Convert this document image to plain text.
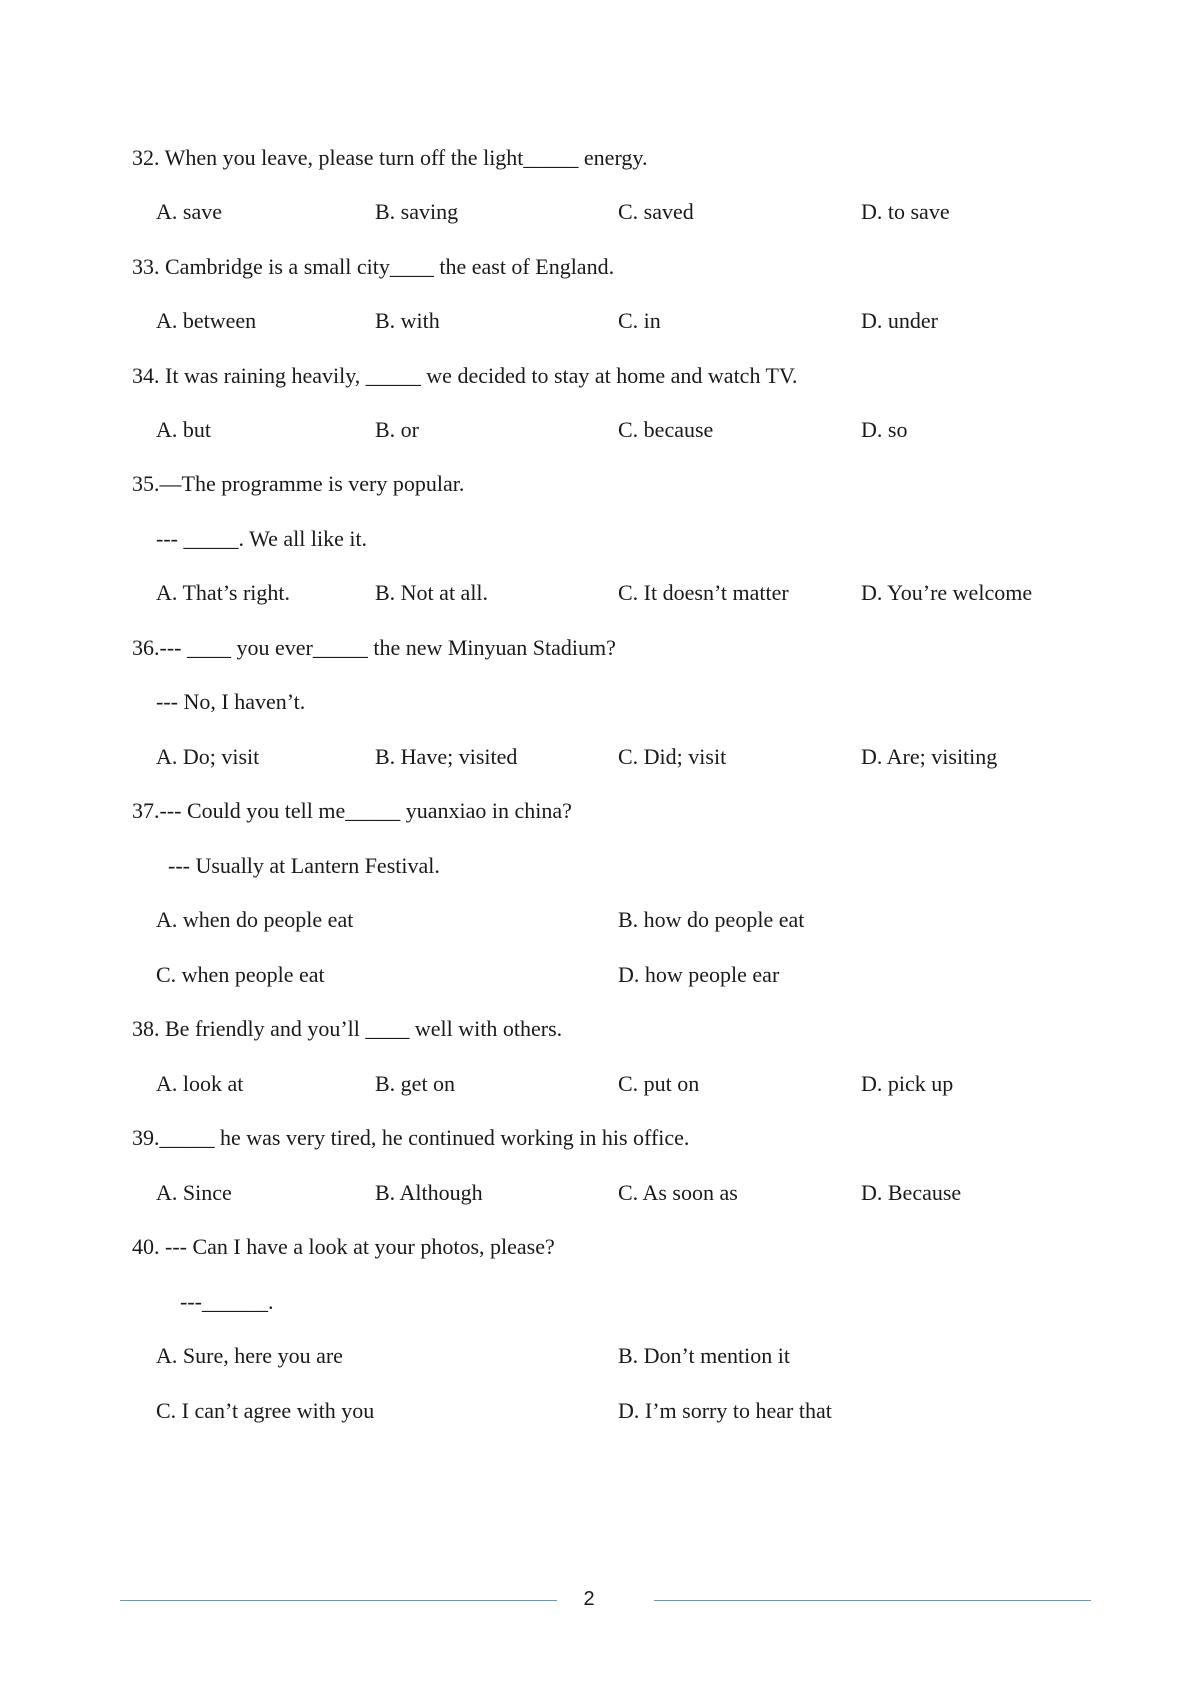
32. When you leave, please turn off the light_____ energy.
A. save	B. saving	C. saved	D. to save
33. Cambridge is a small city____ the east of England.
A. between	B. with	C. in	D. under
34. It was raining heavily, _____ we decided to stay at home and watch TV.
A. but	B. or	C. because	D. so
35.—The programme is very popular.
--- _____. We all like it.
A. That’s right.	B. Not at all.	C. It doesn’t matter	D. You’re welcome
36.--- ____ you ever_____ the new Minyuan Stadium?
--- No, I haven’t.
A. Do; visit	B. Have; visited	C. Did; visit	D. Are; visiting
37.--- Could you tell me_____ yuanxiao in china?
--- Usually at Lantern Festival.
A. when do people eat	B. how do people eat
C. when people eat	D. how people ear
38. Be friendly and you’ll ____ well with others.
A. look at	B. get on	C. put on	D. pick up
39._____ he was very tired, he continued working in his office.
A. Since	B. Although	C. As soon as	D. Because
40. --- Can I have a look at your photos, please?
---______.
A. Sure, here you are	B. Don’t mention it
C. I can’t agree with you	D. I’m sorry to hear that
2
